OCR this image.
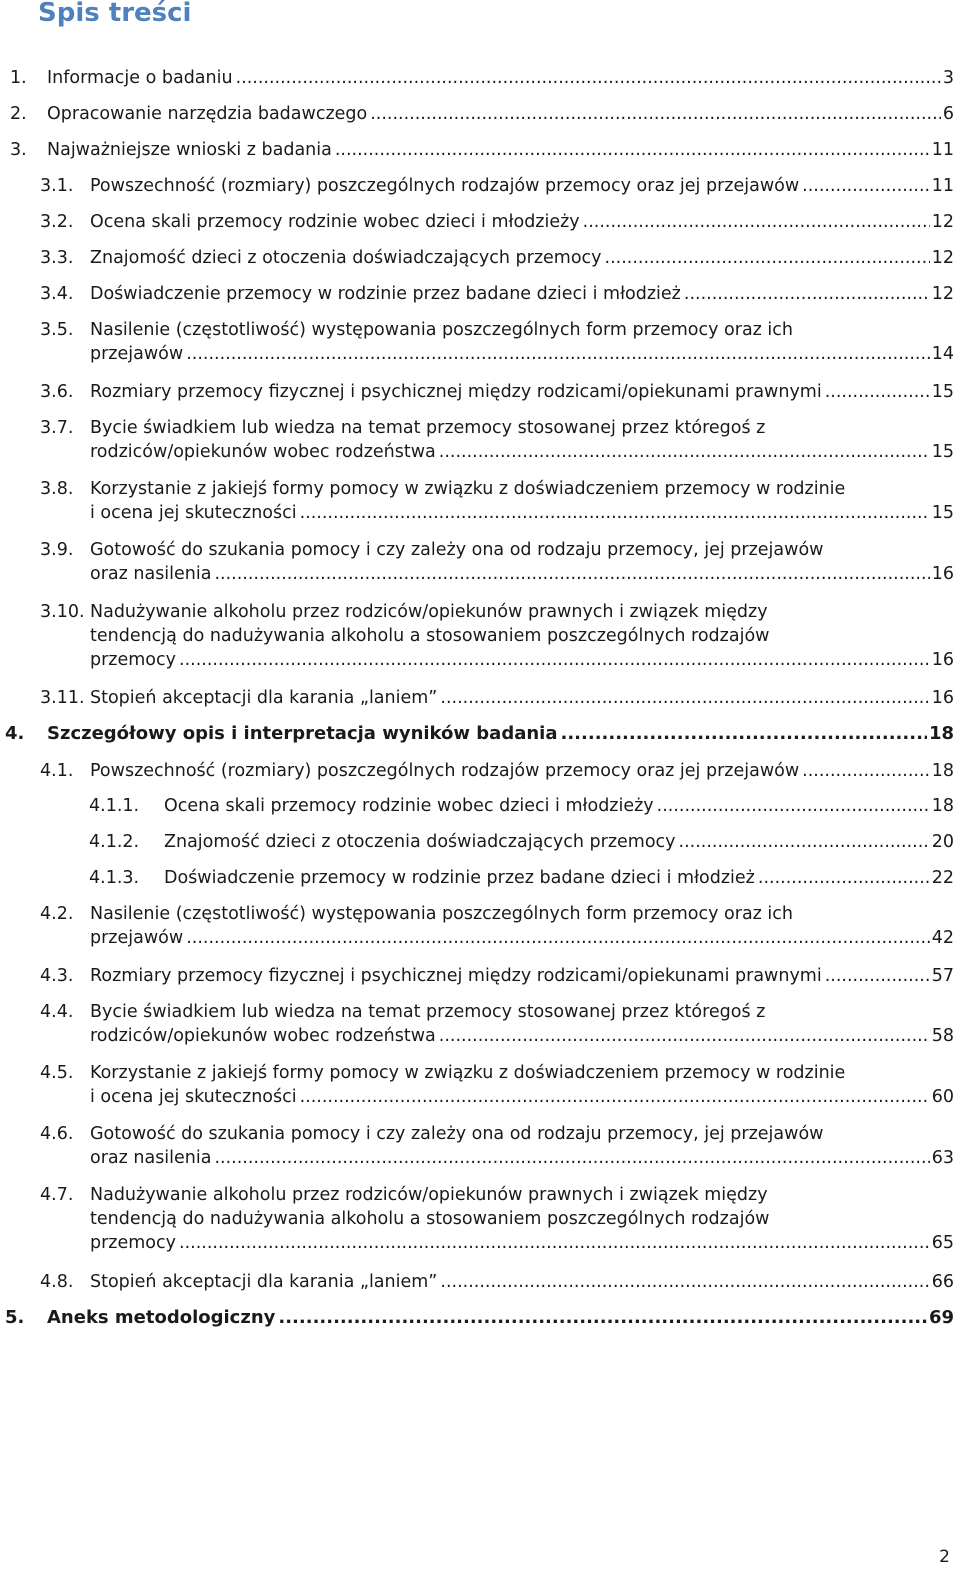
Spis treści
1. Informacje o badaniu .....	3
2. Opracowanie narzędzia badawczego .....	6
3. Najważniejsze wnioski z badania .....	11
3.1. Powszechność (rozmiary) poszczególnych rodzajów przemocy oraz jej przejawów .....	11
3.2. Ocena skali przemocy rodzinie wobec dzieci i młodzieży .....	12
3.3. Znajomość dzieci z otoczenia doświadczających przemocy .....	12
3.4. Doświadczenie przemocy w rodzinie przez badane dzieci i młodzież .....	12
3.5. Nasilenie (częstotliwość) występowania poszczególnych form przemocy oraz ich
przejawów .....	14
3.6. Rozmiary przemocy fizycznej i psychicznej między rodzicami/opiekunami prawnymi .....	15
3.7. Bycie świadkiem lub wiedza na temat przemocy stosowanej przez któregoś z
rodziców/opiekunów wobec rodzeństwa .....	15
3.8. Korzystanie z jakiejś formy pomocy w związku z doświadczeniem przemocy w rodzinie
i ocena jej skuteczności .....	15
3.9. Gotowość do szukania pomocy i czy zależy ona od rodzaju przemocy, jej przejawów
oraz nasilenia .....	16
3.10. Nadużywanie alkoholu przez rodziców/opiekunów prawnych i związek między
tendencją do nadużywania alkoholu a stosowaniem poszczególnych rodzajów
przemocy .....	16
3.11. Stopień akceptacji dla karania „laniem” .....	16
4. Szczegółowy opis i interpretacja wyników badania .....	18
4.1. Powszechność (rozmiary) poszczególnych rodzajów przemocy oraz jej przejawów .....	18
4.1.1. Ocena skali przemocy rodzinie wobec dzieci i młodzieży .....	18
4.1.2. Znajomość dzieci z otoczenia doświadczających przemocy .....	20
4.1.3. Doświadczenie przemocy w rodzinie przez badane dzieci i młodzież .....	22
4.2. Nasilenie (częstotliwość) występowania poszczególnych form przemocy oraz ich
przejawów .....	42
4.3. Rozmiary przemocy fizycznej i psychicznej między rodzicami/opiekunami prawnymi .....	57
4.4. Bycie świadkiem lub wiedza na temat przemocy stosowanej przez któregoś z
rodziców/opiekunów wobec rodzeństwa .....	58
4.5. Korzystanie z jakiejś formy pomocy w związku z doświadczeniem przemocy w rodzinie
i ocena jej skuteczności .....	60
4.6. Gotowość do szukania pomocy i czy zależy ona od rodzaju przemocy, jej przejawów
oraz nasilenia .....	63
4.7. Nadużywanie alkoholu przez rodziców/opiekunów prawnych i związek między
tendencją do nadużywania alkoholu a stosowaniem poszczególnych rodzajów
przemocy .....	65
4.8. Stopień akceptacji dla karania „laniem” .....	66
5. Aneks metodologiczny .....	69
2
